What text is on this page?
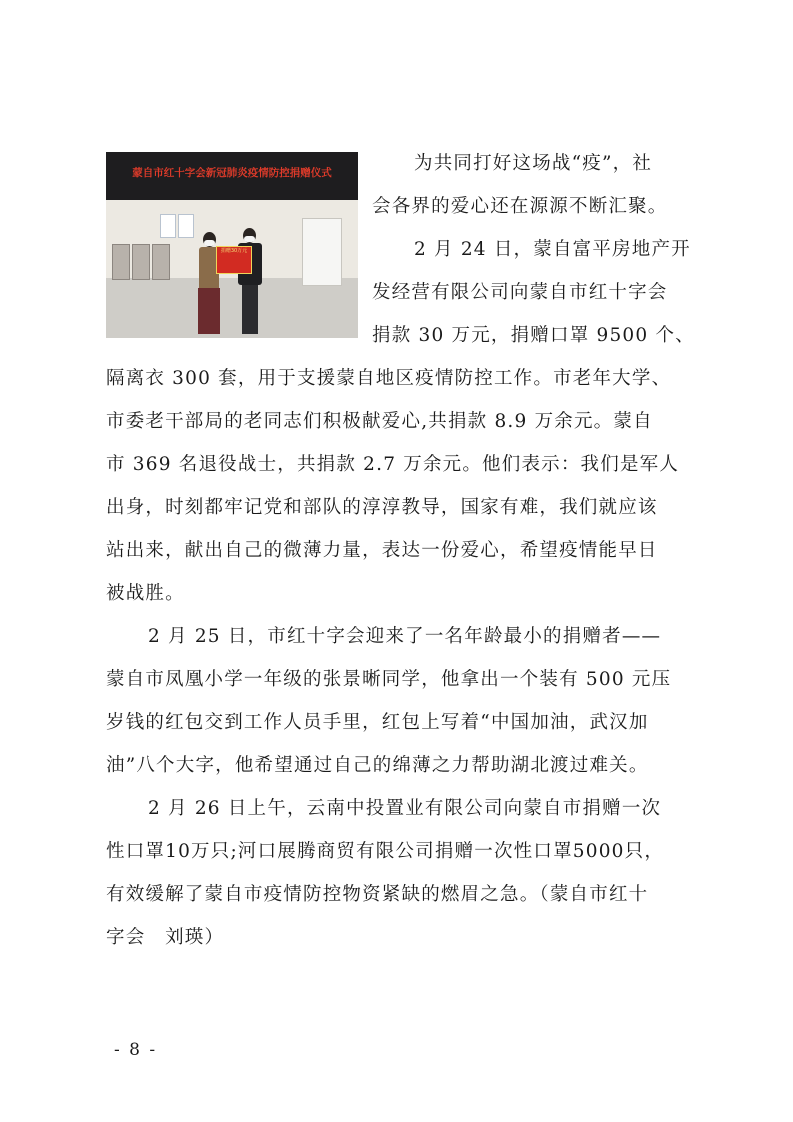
蒙自市红十字会新冠肺炎疫情防控捐赠仪式
捐赠30万元

为共同打好这场战“疫”，社

会各界的爱心还在源源不断汇聚。

2 月 24 日，蒙自富平房地产开

发经营有限公司向蒙自市红十字会

捐款 30 万元，捐赠口罩 9500 个、

隔离衣 300 套，用于支援蒙自地区疫情防控工作。市老年大学、

市委老干部局的老同志们积极献爱心,共捐款 8.9 万余元。蒙自

市 369 名退役战士，共捐款 2.7 万余元。他们表示：我们是军人

出身，时刻都牢记党和部队的淳淳教导，国家有难，我们就应该

站出来，献出自己的微薄力量，表达一份爱心，希望疫情能早日

被战胜。

2 月 25 日，市红十字会迎来了一名年龄最小的捐赠者——

蒙自市凤凰小学一年级的张景晰同学，他拿出一个装有 500 元压

岁钱的红包交到工作人员手里，红包上写着“中国加油，武汉加

油”八个大字，他希望通过自己的绵薄之力帮助湖北渡过难关。

2 月 26 日上午，云南中投置业有限公司向蒙自市捐赠一次

性口罩10万只;河口展腾商贸有限公司捐赠一次性口罩5000只，

有效缓解了蒙自市疫情防控物资紧缺的燃眉之急。（蒙自市红十

字会　刘瑛）

- 8 -
